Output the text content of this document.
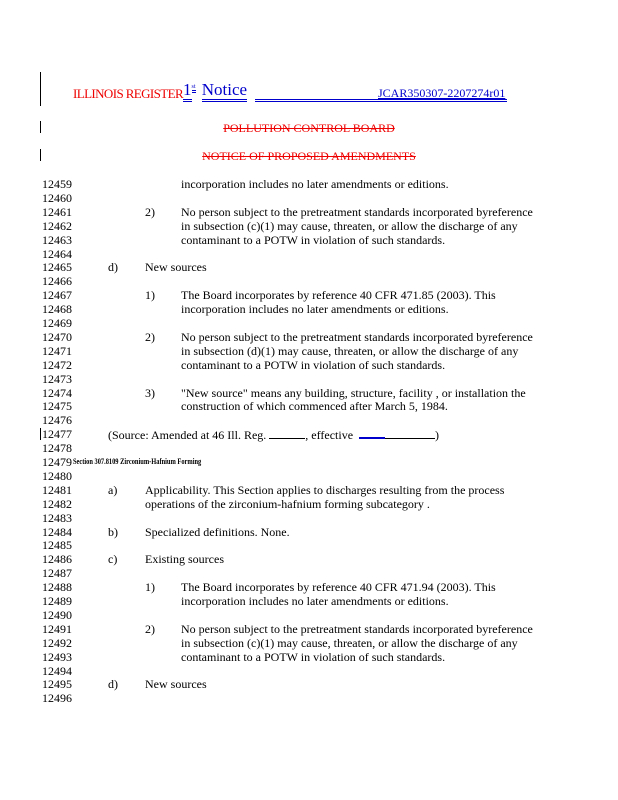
ILLINOIS REGISTER 1st Notice	JCAR350307-2207274r01
POLLUTION CONTROL BOARD
NOTICE OF PROPOSED AMENDMENTS
12459	incorporation includes no later amendments or editions.
12460
12461	2) No person subject to the pretreatment standards incorporated byreference
12462	in subsection (c)(1) may cause, threaten, or allow the discharge of any
12463	contaminant to a POTW in violation of such standards.
12464
12465	d) New sources
12466
12467	1) The Board incorporates by reference 40 CFR 471.85 (2003). This
12468	incorporation includes no later amendments or editions.
12469
12470	2) No person subject to the pretreatment standards incorporated byreference
12471	in subsection (d)(1) may cause, threaten, or allow the discharge of any
12472	contaminant to a POTW in violation of such standards.
12473
12474	3) "New source" means any building, structure, facility , or installation the
12475	construction of which commenced after March 5, 1984.
12476
12477	(Source: Amended at 46 Ill. Reg.	, effective	)
12478
12479 Section 307.8109 Zirconium-Hafnium Forming
12480
12481	a) Applicability. This Section applies to discharges resulting from the process
12482	operations of the zirconium-hafnium forming subcategory .
12483
12484	b) Specialized definitions. None.
12485
12486	c) Existing sources
12487
12488	1) The Board incorporates by reference 40 CFR 471.94 (2003). This
12489	incorporation includes no later amendments or editions.
12490
12491	2) No person subject to the pretreatment standards incorporated byreference
12492	in subsection (c)(1) may cause, threaten, or allow the discharge of any
12493	contaminant to a POTW in violation of such standards.
12494
12495	d) New sources
12496
